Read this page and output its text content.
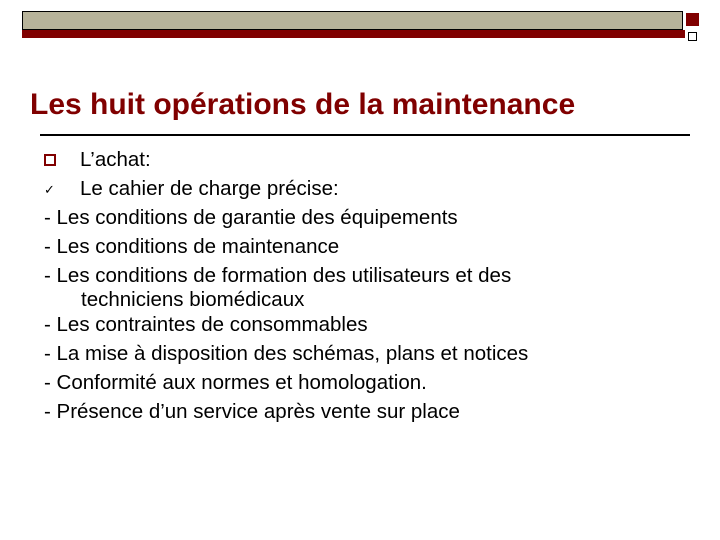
Les huit opérations de la maintenance
L’achat:
✓ Le cahier de charge précise:
- Les conditions de garantie des équipements
- Les conditions de maintenance
- Les conditions de formation des utilisateurs et des
techniciens biomédicaux
- Les contraintes de consommables
- La mise à disposition des schémas, plans et notices
- Conformité aux normes et homologation.
- Présence d’un service après vente sur place
